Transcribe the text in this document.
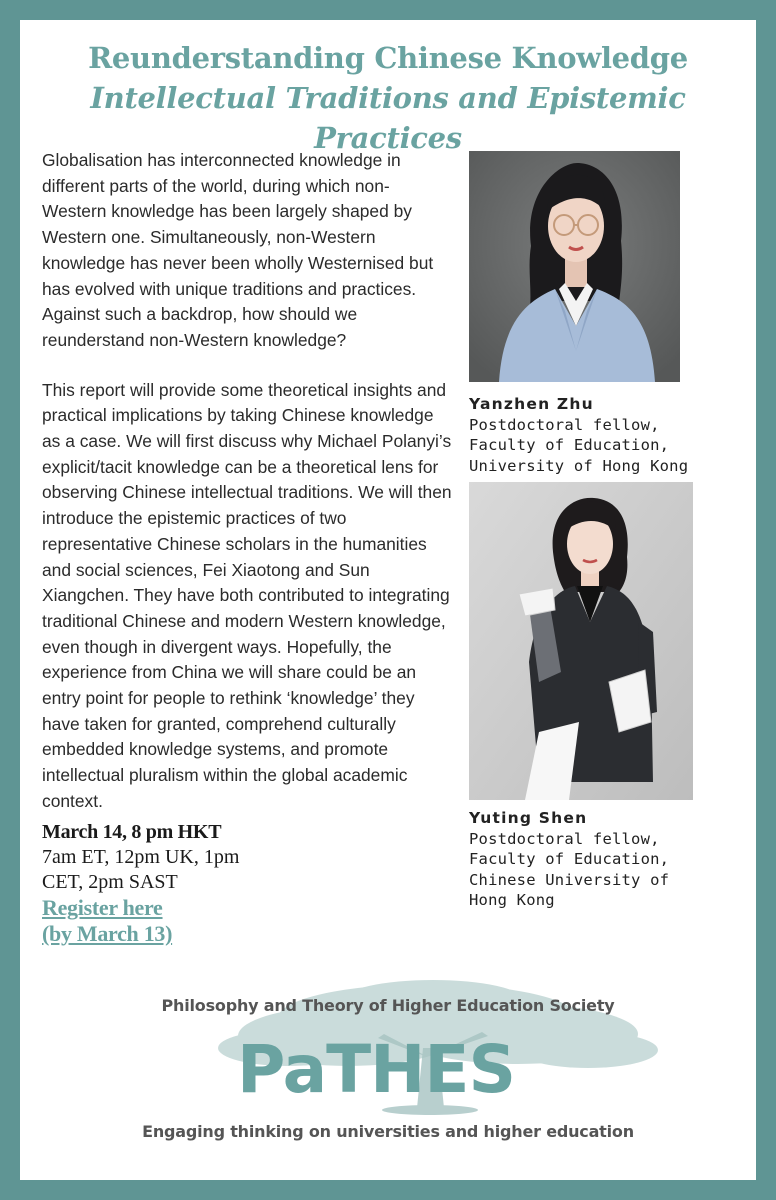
Reunderstanding Chinese Knowledge
Intellectual Traditions and Epistemic Practices

Globalisation has interconnected knowledge in different parts of the world, during which non-Western knowledge has been largely shaped by Western one. Simultaneously, non-Western knowledge has never been wholly Westernised but has evolved with unique traditions and practices. Against such a backdrop, how should we reunderstand non-Western knowledge?

This report will provide some theoretical insights and practical implications by taking Chinese knowledge as a case. We will first discuss why Michael Polanyi’s explicit/tacit knowledge can be a theoretical lens for observing Chinese intellectual traditions. We will then introduce the epistemic practices of two representative Chinese scholars in the humanities and social sciences, Fei Xiaotong and Sun Xiangchen. They have both contributed to integrating traditional Chinese and modern Western knowledge, even though in divergent ways. Hopefully, the experience from China we will share could be an entry point for people to rethink ‘knowledge’ they have taken for granted, comprehend culturally embedded knowledge systems, and promote intellectual pluralism within the global academic context.

March 14, 8 pm HKT
7am ET, 12pm UK, 1pm CET, 2pm SAST
Register here
(by March 13)
Yanzhen Zhu
Postdoctoral fellow,
Faculty of Education,
University of Hong Kong
Yuting Shen
Postdoctoral fellow,
Faculty of Education,
Chinese University of
Hong Kong
Philosophy and Theory of Higher Education Society
PaTHES
Engaging thinking on universities and higher education
